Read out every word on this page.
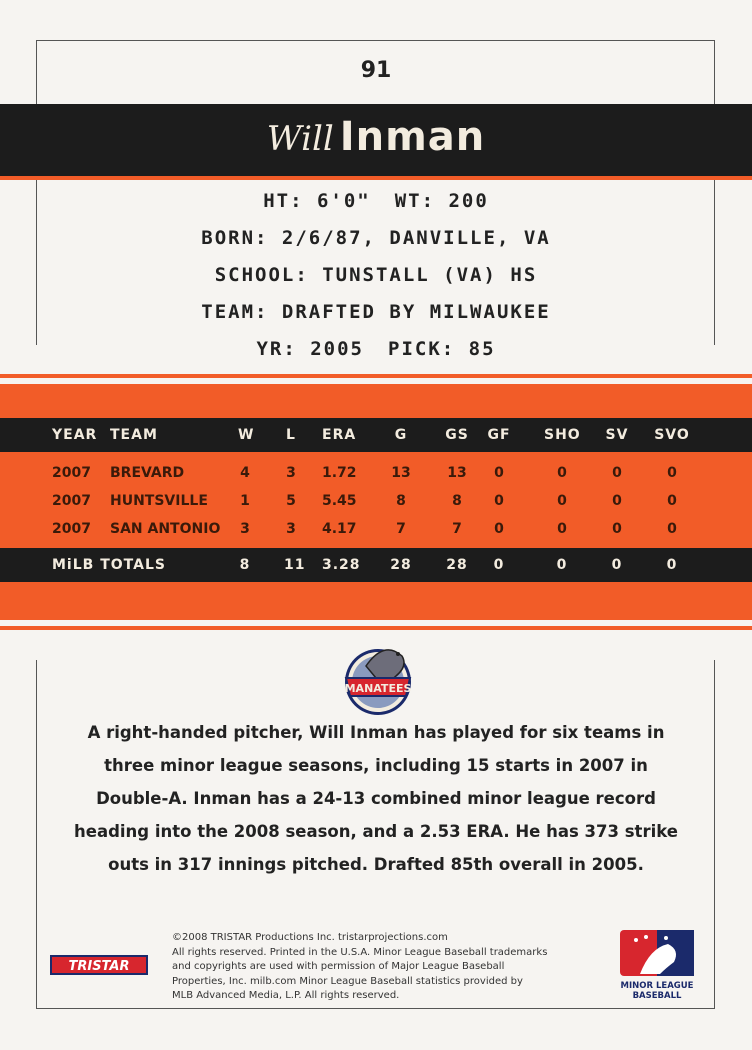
91
Will Inman
HT: 6'0" WT: 200
BORN: 2/6/87, DANVILLE, VA
SCHOOL: TUNSTALL (VA) HS
TEAM: DRAFTED BY MILWAUKEE
YR: 2005 PICK: 85
YEAR TEAM	W L ERA	G	GS GF SHO SV SVO
2007 BREVARD	4	3 1.72 13	13	0	0	0	0
2007 HUNTSVILLE 1	5 5.45	8	8	0	0	0	0
2007 SAN ANTONIO 3	3 4.17	7	7	0	0	0	0
MiLB TOTALS	8 11 3.28 28 28	0	0	0	0
MANATEES
A right-handed pitcher, Will Inman has played for six teams in
three minor league seasons, including 15 starts in 2007 in
Double-A. Inman has a 24-13 combined minor league record
heading into the 2008 season, and a 2.53 ERA. He has 373 strike
outs in 317 innings pitched. Drafted 85th overall in 2005.
TRISTAR
©2008 TRISTAR Productions Inc. tristarprojections.com
All rights reserved. Printed in the U.S.A. Minor League Baseball trademarks
and copyrights are used with permission of Major League Baseball
Properties, Inc. milb.com Minor League Baseball statistics provided by
MLB Advanced Media, L.P. All rights reserved.
MINOR LEAGUE
BASEBALL
